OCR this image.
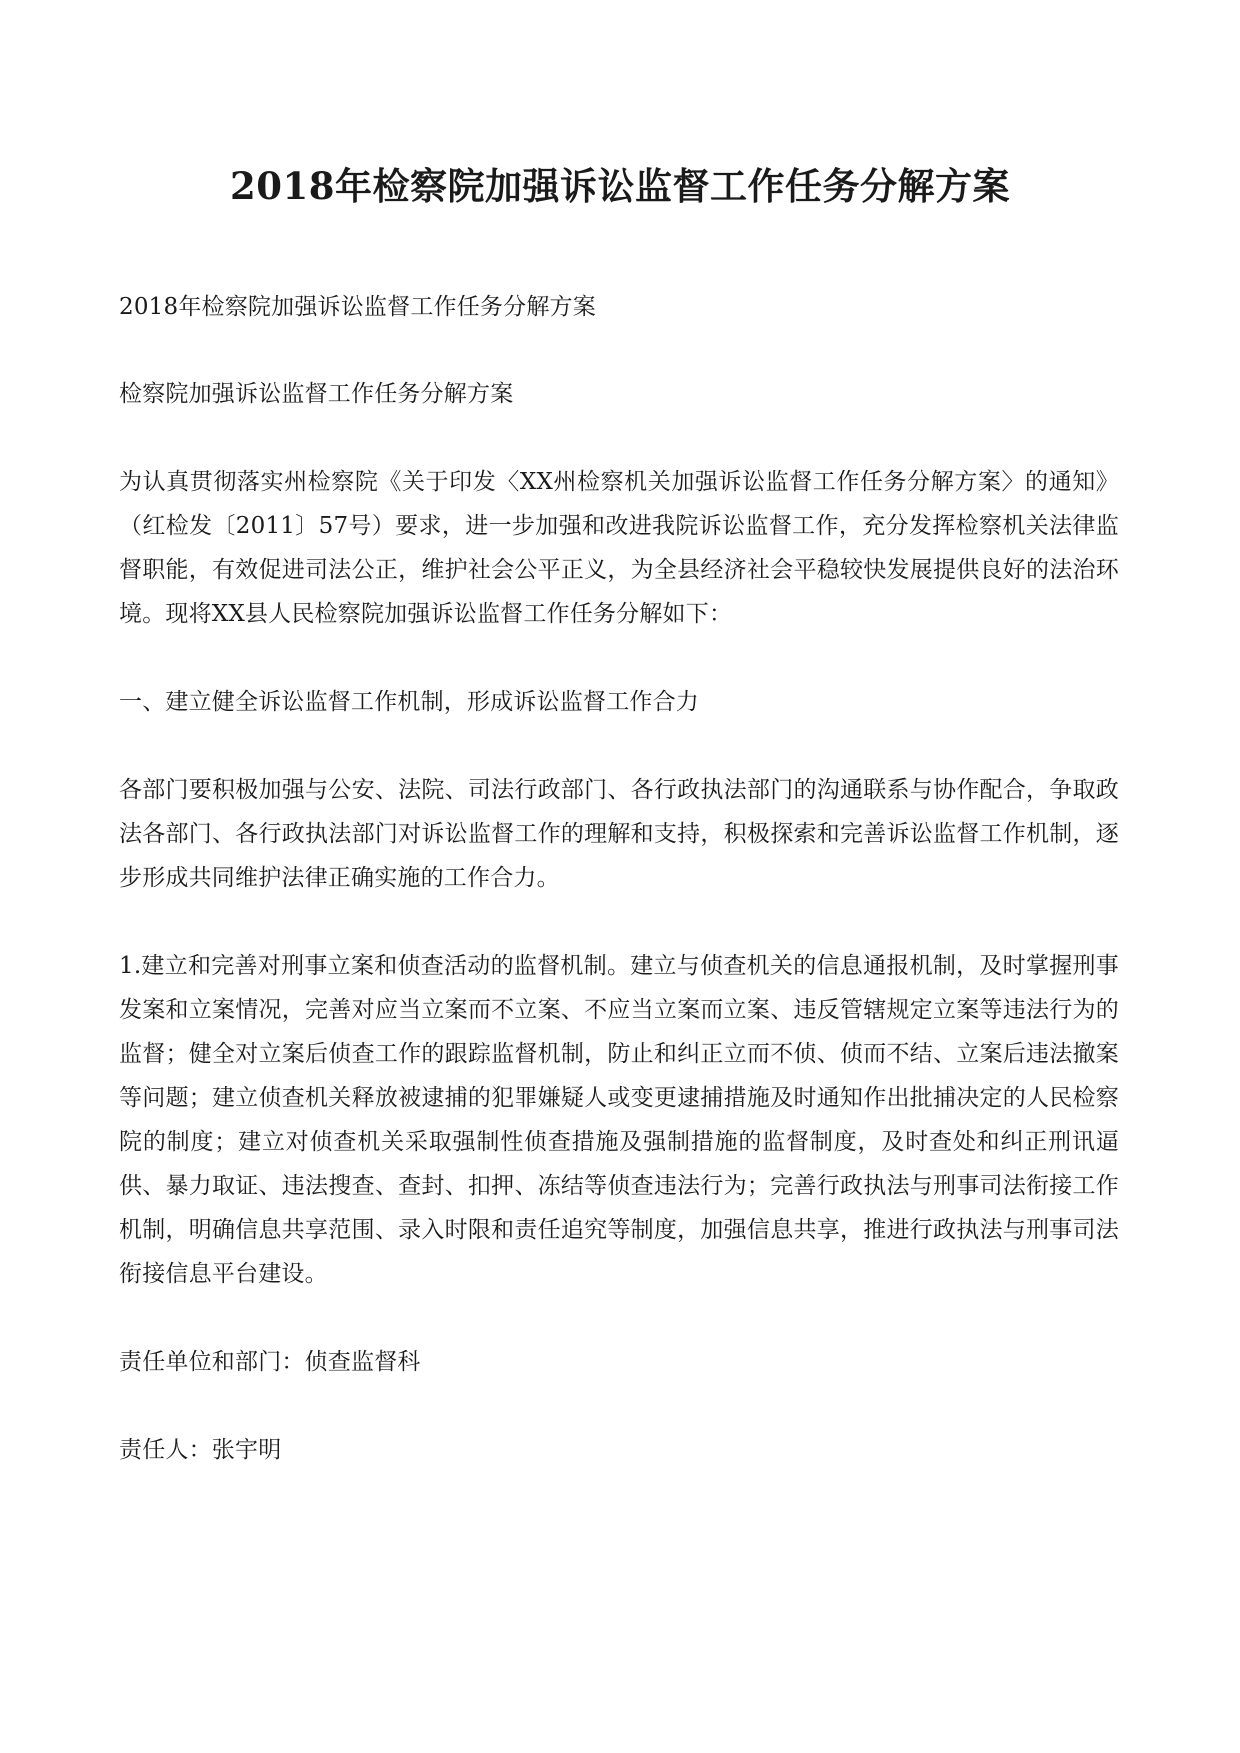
2018年检察院加强诉讼监督工作任务分解方案

2018年检察院加强诉讼监督工作任务分解方案

检察院加强诉讼监督工作任务分解方案

为认真贯彻落实州检察院《关于印发〈XX州检察机关加强诉讼监督工作任务分解方案〉的通知》（红检发〔2011〕57号）要求，进一步加强和改进我院诉讼监督工作，充分发挥检察机关法律监督职能，有效促进司法公正，维护社会公平正义，为全县经济社会平稳较快发展提供良好的法治环境。现将XX县人民检察院加强诉讼监督工作任务分解如下：

一、建立健全诉讼监督工作机制，形成诉讼监督工作合力

各部门要积极加强与公安、法院、司法行政部门、各行政执法部门的沟通联系与协作配合，争取政法各部门、各行政执法部门对诉讼监督工作的理解和支持，积极探索和完善诉讼监督工作机制，逐步形成共同维护法律正确实施的工作合力。

1.建立和完善对刑事立案和侦查活动的监督机制。建立与侦查机关的信息通报机制，及时掌握刑事发案和立案情况，完善对应当立案而不立案、不应当立案而立案、违反管辖规定立案等违法行为的监督；健全对立案后侦查工作的跟踪监督机制，防止和纠正立而不侦、侦而不结、立案后违法撤案等问题；建立侦查机关释放被逮捕的犯罪嫌疑人或变更逮捕措施及时通知作出批捕决定的人民检察院的制度；建立对侦查机关采取强制性侦查措施及强制措施的监督制度，及时查处和纠正刑讯逼供、暴力取证、违法搜查、查封、扣押、冻结等侦查违法行为；完善行政执法与刑事司法衔接工作机制，明确信息共享范围、录入时限和责任追究等制度，加强信息共享，推进行政执法与刑事司法衔接信息平台建设。

责任单位和部门：侦查监督科

责任人：张宇明
